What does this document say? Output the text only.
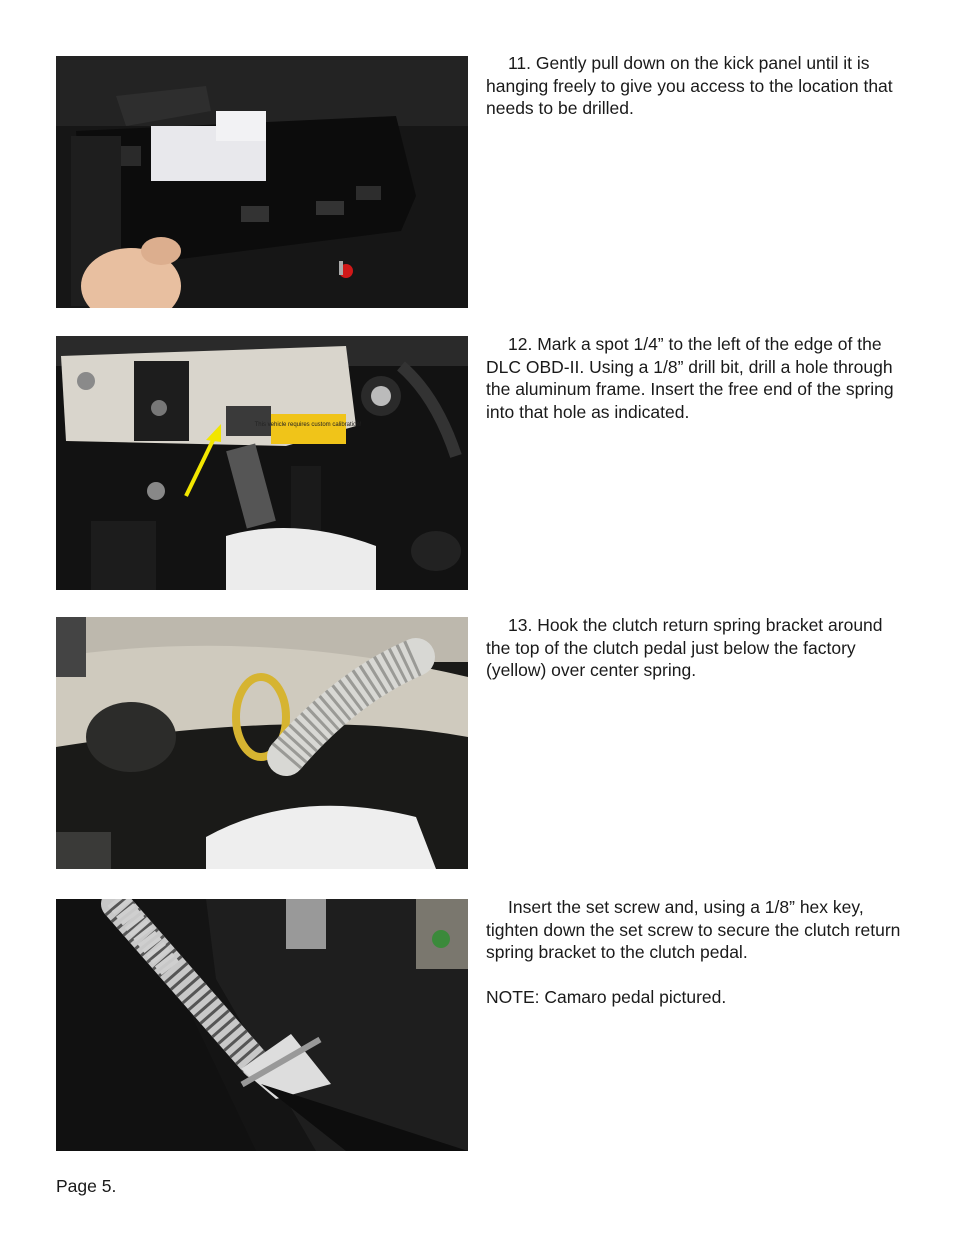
11. Gently pull down on the kick panel until it is hanging freely to give you access to the location that needs to be drilled.

This vehicle requires custom calibration!

12. Mark a spot 1/4” to the left of the edge of the DLC OBD-II. Using a 1/8” drill bit, drill a hole through the aluminum frame. Insert the free end of the spring into that hole as indicated.

13. Hook the clutch return spring bracket around the top of the clutch pedal just below the factory (yellow) over center spring.

Insert the set screw and, using a 1/8” hex key, tighten down the set screw to secure the clutch return spring bracket to the clutch pedal.

NOTE: Camaro pedal pictured.

Page 5.
